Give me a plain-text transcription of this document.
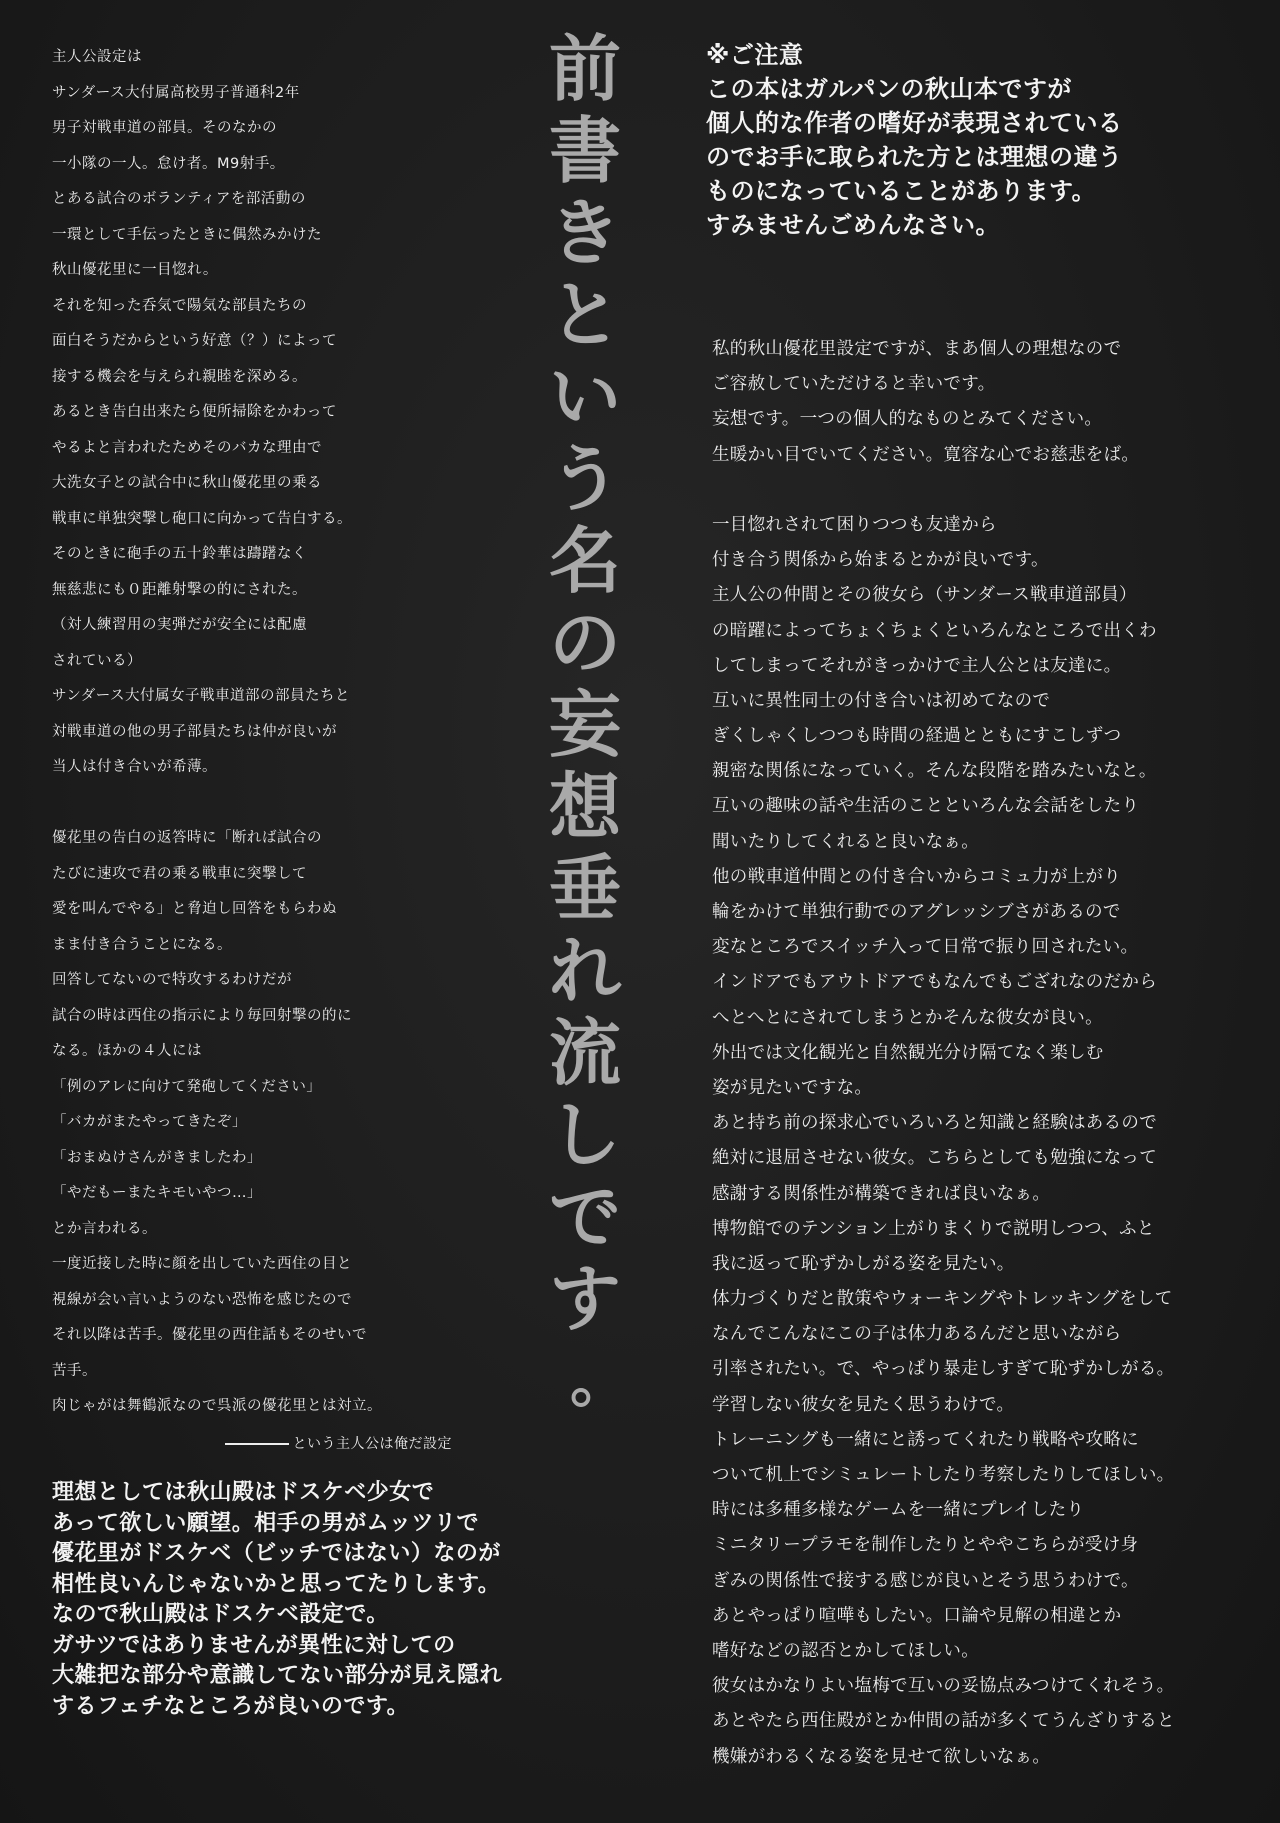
主人公設定は
サンダース大付属高校男子普通科2年
男子対戦車道の部員。そのなかの
一小隊の一人。怠け者。M9射手。
とある試合のボランティアを部活動の
一環として手伝ったときに偶然みかけた
秋山優花里に一目惚れ。
それを知った呑気で陽気な部員たちの
面白そうだからという好意（？）によって
接する機会を与えられ親睦を深める。
あるとき告白出来たら便所掃除をかわって
やるよと言われたためそのバカな理由で
大洗女子との試合中に秋山優花里の乗る
戦車に単独突撃し砲口に向かって告白する。
そのときに砲手の五十鈴華は躊躇なく
無慈悲にも０距離射撃の的にされた。
（対人練習用の実弾だが安全には配慮
されている）
サンダース大付属女子戦車道部の部員たちと
対戦車道の他の男子部員たちは仲が良いが
当人は付き合いが希薄。
優花里の告白の返答時に「断れば試合の
たびに速攻で君の乗る戦車に突撃して
愛を叫んでやる」と脅迫し回答をもらわぬ
まま付き合うことになる。
回答してないので特攻するわけだが
試合の時は西住の指示により毎回射撃の的に
なる。ほかの４人には
「例のアレに向けて発砲してください」
「バカがまたやってきたぞ」
「おまぬけさんがきましたわ」
「やだもーまたキモいやつ…」
とか言われる。
一度近接した時に顔を出していた西住の目と
視線が会い言いようのない恐怖を感じたので
それ以降は苦手。優花里の西住話もそのせいで
苦手。
肉じゃがは舞鶴派なので呉派の優花里とは対立。
という主人公は俺だ設定
理想としては秋山殿はドスケベ少女で
あって欲しい願望。相手の男がムッツリで
優花里がドスケベ（ビッチではない）なのが
相性良いんじゃないかと思ってたりします。
なので秋山殿はドスケベ設定で。
ガサツではありませんが異性に対しての
大雑把な部分や意識してない部分が見え隠れ
するフェチなところが良いのです。
前
書
き
と
い
う
名
の
妄
想
垂
れ
流
し
で
す
。
※ご注意
この本はガルパンの秋山本ですが
個人的な作者の嗜好が表現されている
のでお手に取られた方とは理想の違う
ものになっていることがあります。
すみませんごめんなさい。
私的秋山優花里設定ですが、まあ個人の理想なので
ご容赦していただけると幸いです。
妄想です。一つの個人的なものとみてください。
生暖かい目でいてください。寛容な心でお慈悲をば。
一目惚れされて困りつつも友達から
付き合う関係から始まるとかが良いです。
主人公の仲間とその彼女ら（サンダース戦車道部員）
の暗躍によってちょくちょくといろんなところで出くわ
してしまってそれがきっかけで主人公とは友達に。
互いに異性同士の付き合いは初めてなので
ぎくしゃくしつつも時間の経過とともにすこしずつ
親密な関係になっていく。そんな段階を踏みたいなと。
互いの趣味の話や生活のことといろんな会話をしたり
聞いたりしてくれると良いなぁ。
他の戦車道仲間との付き合いからコミュ力が上がり
輪をかけて単独行動でのアグレッシブさがあるので
変なところでスイッチ入って日常で振り回されたい。
インドアでもアウトドアでもなんでもござれなのだから
へとへとにされてしまうとかそんな彼女が良い。
外出では文化観光と自然観光分け隔てなく楽しむ
姿が見たいですな。
あと持ち前の探求心でいろいろと知識と経験はあるので
絶対に退屈させない彼女。こちらとしても勉強になって
感謝する関係性が構築できれば良いなぁ。
博物館でのテンション上がりまくりで説明しつつ、ふと
我に返って恥ずかしがる姿を見たい。
体力づくりだと散策やウォーキングやトレッキングをして
なんでこんなにこの子は体力あるんだと思いながら
引率されたい。で、やっぱり暴走しすぎて恥ずかしがる。
学習しない彼女を見たく思うわけで。
トレーニングも一緒にと誘ってくれたり戦略や攻略に
ついて机上でシミュレートしたり考察したりしてほしい。
時には多種多様なゲームを一緒にプレイしたり
ミニタリープラモを制作したりとややこちらが受け身
ぎみの関係性で接する感じが良いとそう思うわけで。
あとやっぱり喧嘩もしたい。口論や見解の相違とか
嗜好などの認否とかしてほしい。
彼女はかなりよい塩梅で互いの妥協点みつけてくれそう。
あとやたら西住殿がとか仲間の話が多くてうんざりすると
機嫌がわるくなる姿を見せて欲しいなぁ。
